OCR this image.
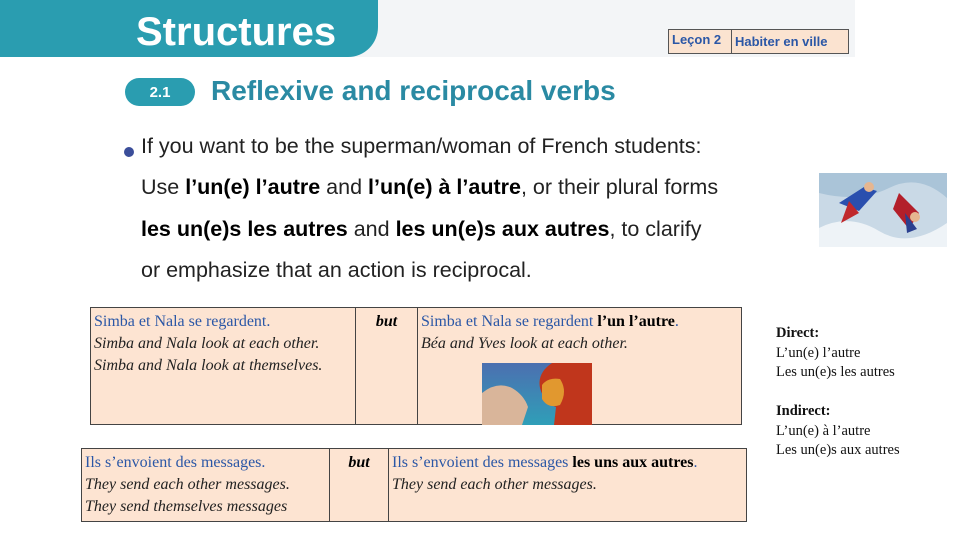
Structures	Leçon 2	Habiter en ville
2.1	Reflexive and reciprocal verbs
If you want to be the superman/woman of French students:
Use l’un(e) l’autre and l’un(e) à l’autre, or their plural forms
les un(e)s les autres and les un(e)s aux autres, to clarify
or emphasize that an action is reciprocal.
Simba et Nala se regardent.
Simba and Nala look at each other.
Simba and Nala look at themselves.
	but	Simba et Nala se regardent l’un l’autre.
Béa and Yves look at each other.
Ils s’envoient des messages.
They send each other messages.
They send themselves messages
	but	Ils s’envoient des messages les uns aux autres.
They send each other messages.
Direct:
L’un(e) l’autre
Les un(e)s les autres
Indirect:
L’un(e) à l’autre
Les un(e)s aux autres
